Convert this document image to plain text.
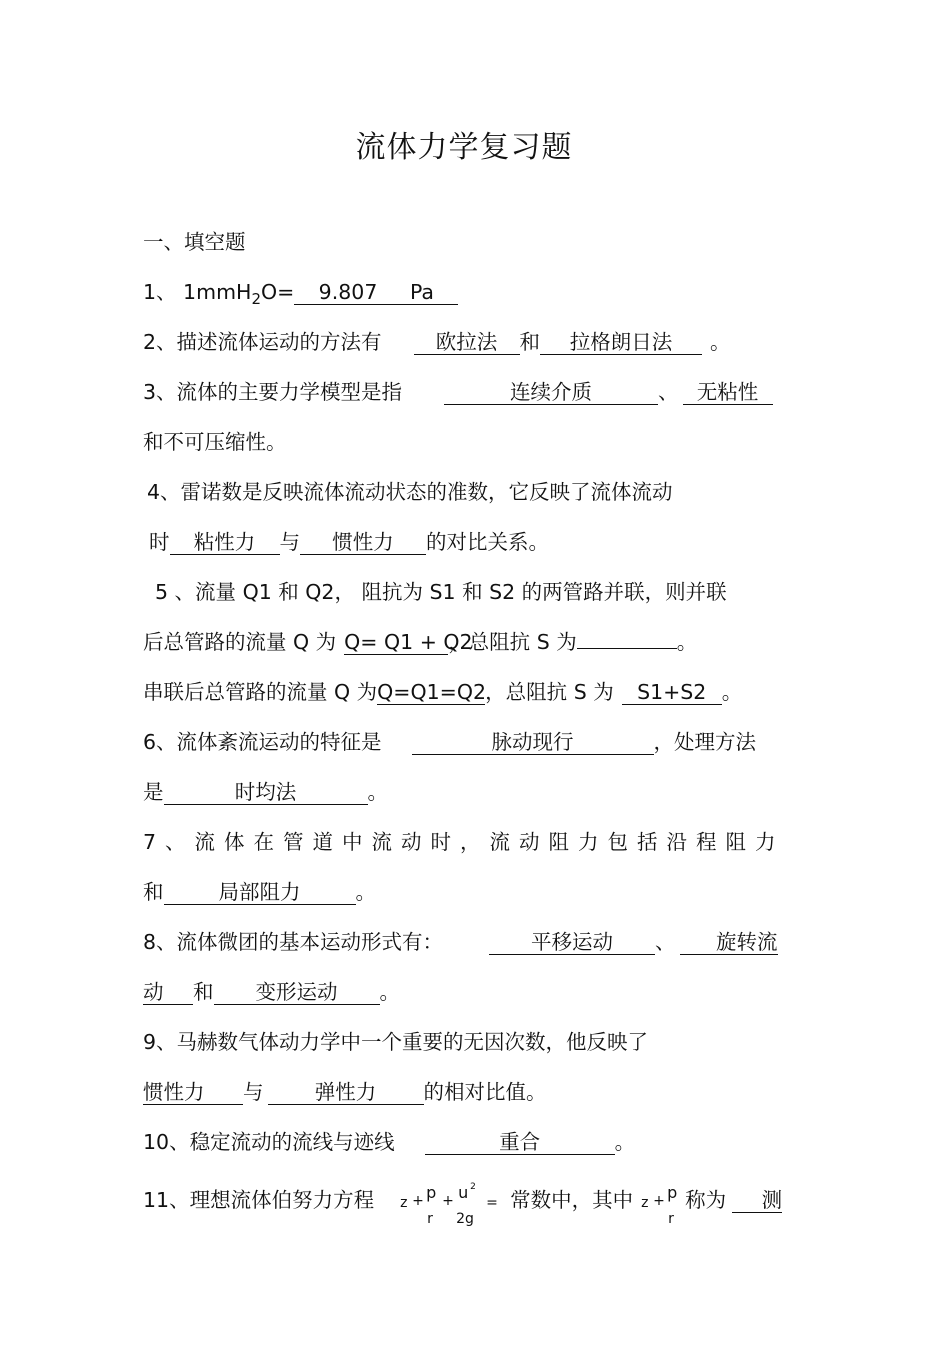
流体力学复习题
一、填空题
1、 1mmH$_2$O= 9.807 Pa
2、描述流体运动的方法有	欧拉法 和 拉格朗日法 。
3、流体的主要力学模型是指	连续介质	、 无粘性
和不可压缩性。
4、雷诺数是反映流体流动状态的准数，它反映了流体流动
时 粘性力 与 惯性力 的对比关系。
5 、流量 Q1 和 Q2， 阻抗为 S1 和 S2 的两管路并联，则并联
后总管路的流量 Q 为 Q= Q1 + Q2，总阻抗 S 为	。
串联后总管路的流量 Q 为Q=Q1=Q2，总阻抗 S 为 S1+S2 。
6、流体紊流运动的特征是	脉动现行	，处理方法
是	时均法	。
7、流体在管道中流动时，流动阻力包括沿程阻力
和	局部阻力	。
8、流体微团的基本运动形式有：	平移运动 、 旋转流
动 和 变形运动 。
9、马赫数气体动力学中一个重要的无因次数，他反映了
惯性力 与	弹性力 的相对比值。
10、稳定流动的流线与迹线	重合	。
11、理想流体伯努力方程 z + p
r
+ u 2
2g
= 常数中，其中 z + p
r
称为 测
